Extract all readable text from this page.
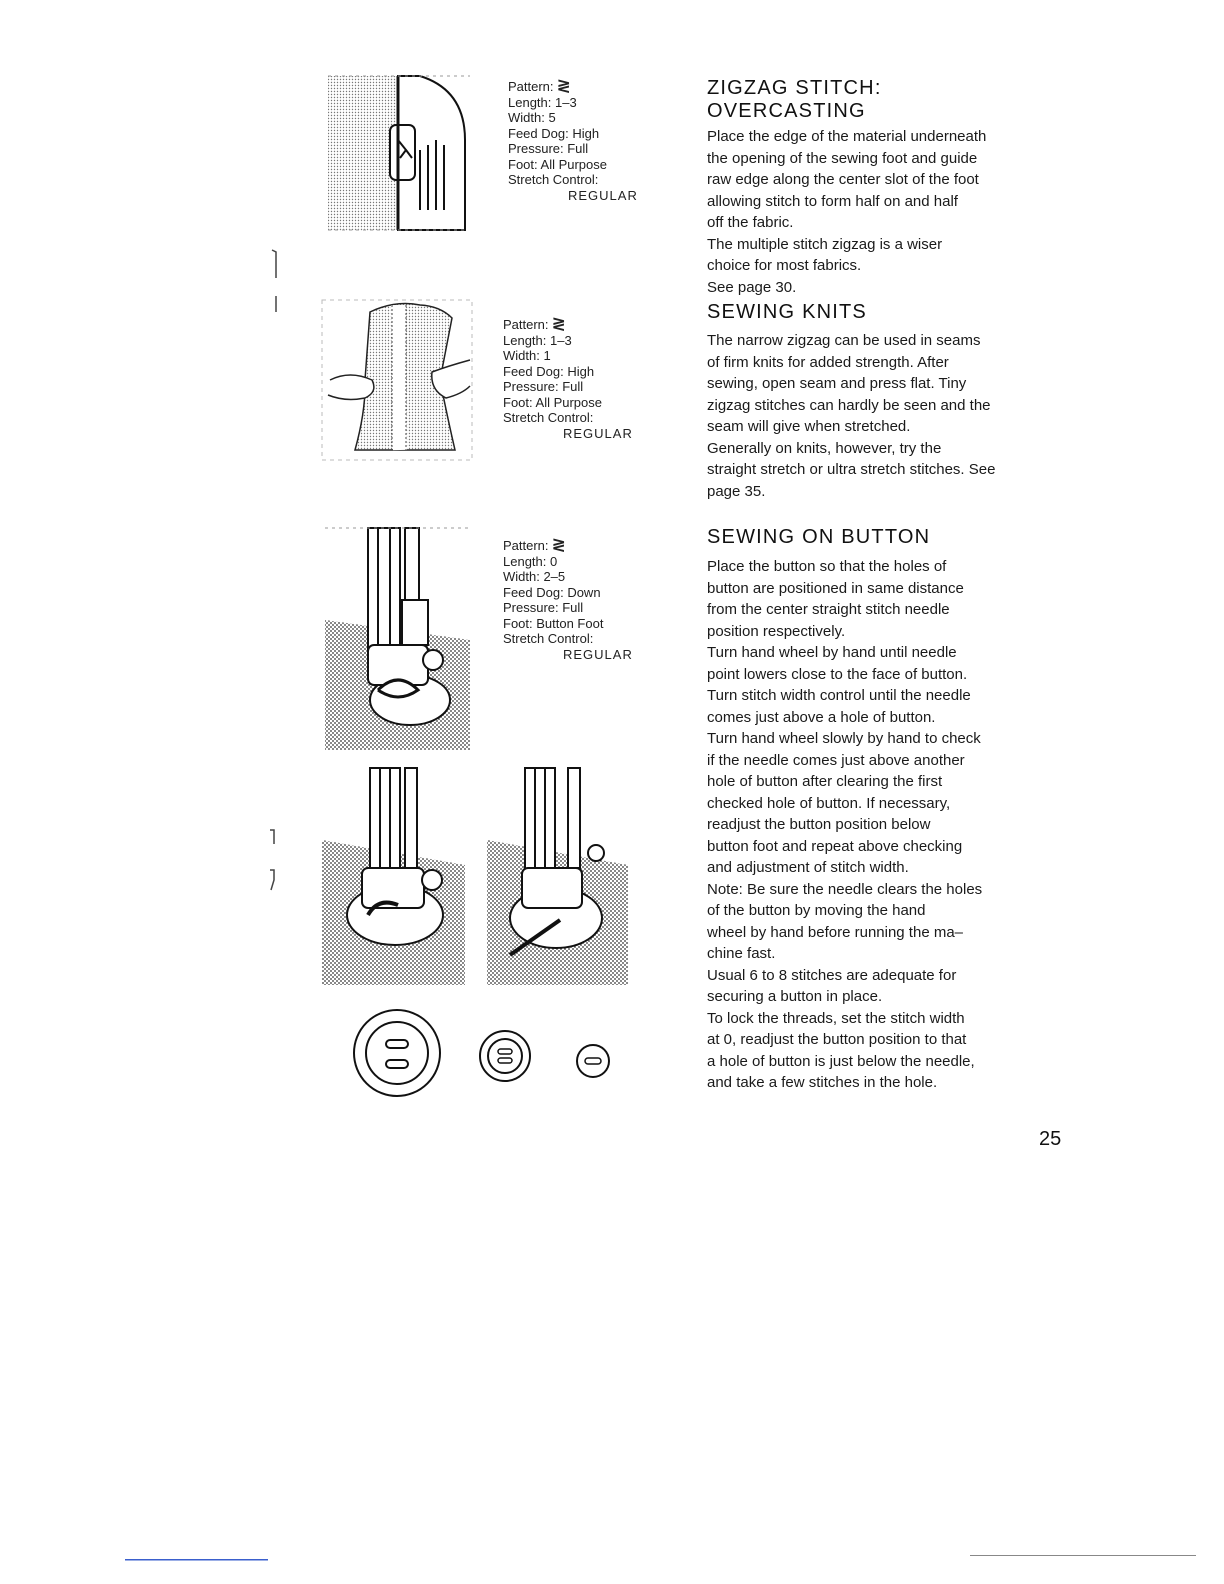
Pattern: ≷
Length: 1–3
Width: 5
Feed Dog: High
Pressure: Full
Foot: All Purpose
Stretch Control:
REGULAR
Pattern: ≷
Length: 1–3
Width: 1
Feed Dog: High
Pressure: Full
Foot: All Purpose
Stretch Control:
REGULAR
Pattern: ≷
Length: 0
Width: 2–5
Feed Dog: Down
Pressure: Full
Foot: Button Foot
Stretch Control:
REGULAR
ZIGZAG STITCH:
OVERCASTING

Place the edge of the material underneath
the opening of the sewing foot and guide
raw edge along the center slot of the foot
allowing stitch to form half on and half
off the fabric.
The multiple stitch zigzag is a wiser
choice for most fabrics.
See page 30.

SEWING KNITS

The narrow zigzag can be used in seams
of firm knits for added strength. After
sewing, open seam and press flat. Tiny
zigzag stitches can hardly be seen and the
seam will give when stretched.
Generally on knits, however, try the
straight stretch or ultra stretch stitches. See
page 35.

SEWING ON BUTTON

Place the button so that the holes of
button are positioned in same distance
from the center straight stitch needle
position respectively.
Turn hand wheel by hand until needle
point lowers close to the face of button.
Turn stitch width control until the needle
comes just above a hole of button.
Turn hand wheel slowly by hand to check
if the needle comes just above another
hole of button after clearing the first
checked hole of button. If necessary,
readjust the button position below
button foot and repeat above checking
and adjustment of stitch width.
Note: Be sure the needle clears the holes
of the button by moving the hand
wheel by hand before running the ma–
chine fast.
Usual 6 to 8 stitches are adequate for
securing a button in place.
To lock the threads, set the stitch width
at 0, readjust the button position to that
a hole of button is just below the needle,
and take a few stitches in the hole.

25
